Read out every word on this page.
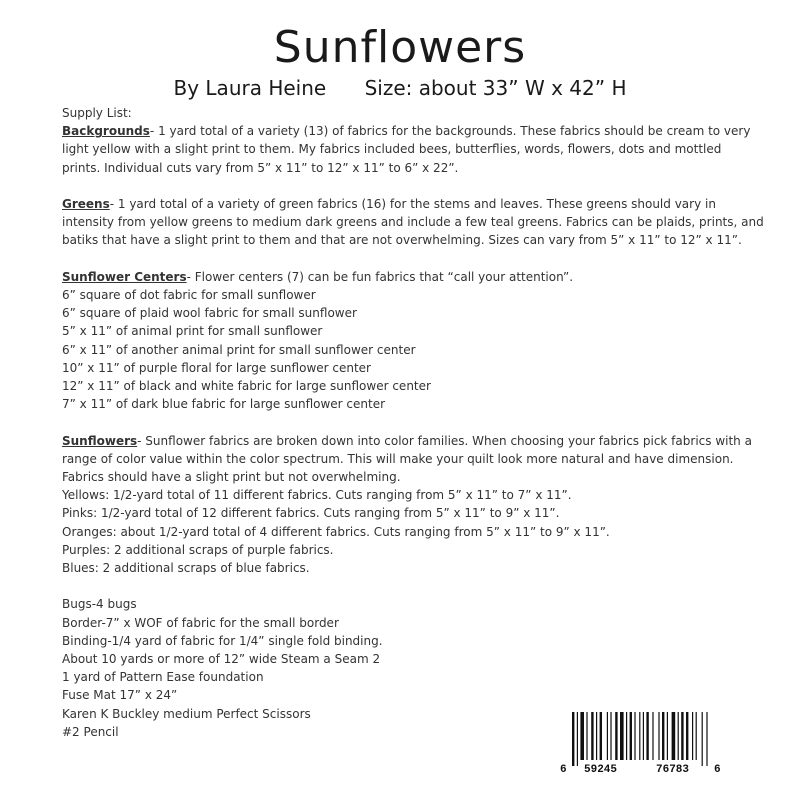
Sunflowers
By Laura Heine Size: about 33” W x 42” H
Supply List:
Backgrounds- 1 yard total of a variety (13) of fabrics for the backgrounds. These fabrics should be cream to very
light yellow with a slight print to them. My fabrics included bees, butterflies, words, flowers, dots and mottled
prints. Individual cuts vary from 5” x 11” to 12” x 11” to 6” x 22”.
Greens- 1 yard total of a variety of green fabrics (16) for the stems and leaves. These greens should vary in
intensity from yellow greens to medium dark greens and include a few teal greens. Fabrics can be plaids, prints, and
batiks that have a slight print to them and that are not overwhelming. Sizes can vary from 5” x 11” to 12” x 11”.
Sunflower Centers- Flower centers (7) can be fun fabrics that “call your attention”.
6” square of dot fabric for small sunflower
6” square of plaid wool fabric for small sunflower
5” x 11” of animal print for small sunflower
6” x 11” of another animal print for small sunflower center
10” x 11” of purple floral for large sunflower center
12” x 11” of black and white fabric for large sunflower center
7” x 11” of dark blue fabric for large sunflower center
Sunflowers- Sunflower fabrics are broken down into color families. When choosing your fabrics pick fabrics with a
range of color value within the color spectrum. This will make your quilt look more natural and have dimension.
Fabrics should have a slight print but not overwhelming.
Yellows: 1/2-yard total of 11 different fabrics. Cuts ranging from 5” x 11” to 7” x 11”.
Pinks: 1/2-yard total of 12 different fabrics. Cuts ranging from 5” x 11” to 9” x 11”.
Oranges: about 1/2-yard total of 4 different fabrics. Cuts ranging from 5” x 11” to 9” x 11”.
Purples: 2 additional scraps of purple fabrics.
Blues: 2 additional scraps of blue fabrics.
Bugs-4 bugs
Border-7” x WOF of fabric for the small border
Binding-1/4 yard of fabric for 1/4” single fold binding.
About 10 yards or more of 12” wide Steam a Seam 2
1 yard of Pattern Ease foundation
Fuse Mat 17” x 24”
Karen K Buckley medium Perfect Scissors
#2 Pencil
6 59245	76783 6
